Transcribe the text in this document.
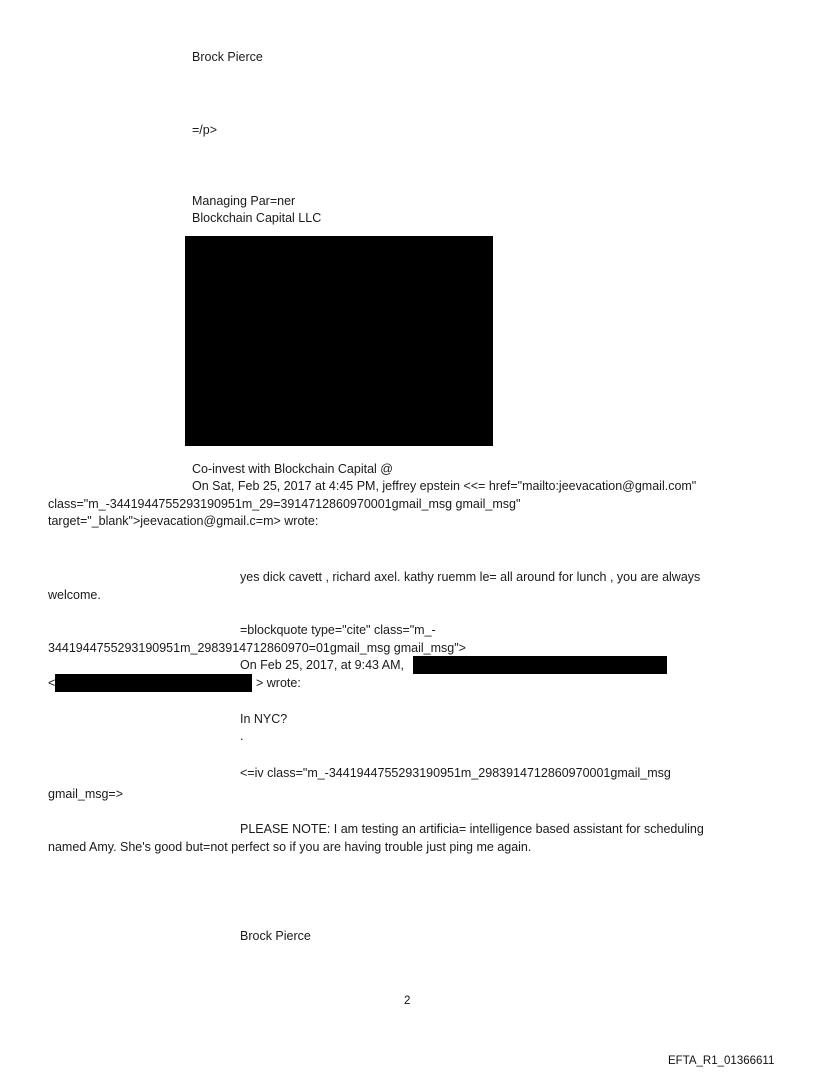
Brock Pierce
=/p>
Managing Par=ner
Blockchain Capital LLC
Co-invest with Blockchain Capital @
On Sat, Feb 25, 2017 at 4:45 PM, jeffrey epstein <<= href="mailto:jeevacation@gmail.com"
class="m_-3441944755293190951m_29=3914712860970001gmail_msg gmail_msg"
target="_blank">jeevacation@gmail.c=m> wrote:
yes dick cavett , richard axel. kathy ruemm le= all around for lunch , you are always
welcome.
=blockquote type="cite" class="m_-
3441944755293190951m_2983914712860970=01gmail_msg gmail_msg">
On Feb 25, 2017, at 9:43 AM,
<	> wrote:
In NYC?
.
<=iv class="m_-3441944755293190951m_2983914712860970001gmail_msg
gmail_msg=>
PLEASE NOTE: I am testing an artificia= intelligence based assistant for scheduling
named Amy. She's good but=not perfect so if you are having trouble just ping me again.
Brock Pierce
2
EFTA_R1_01366611
